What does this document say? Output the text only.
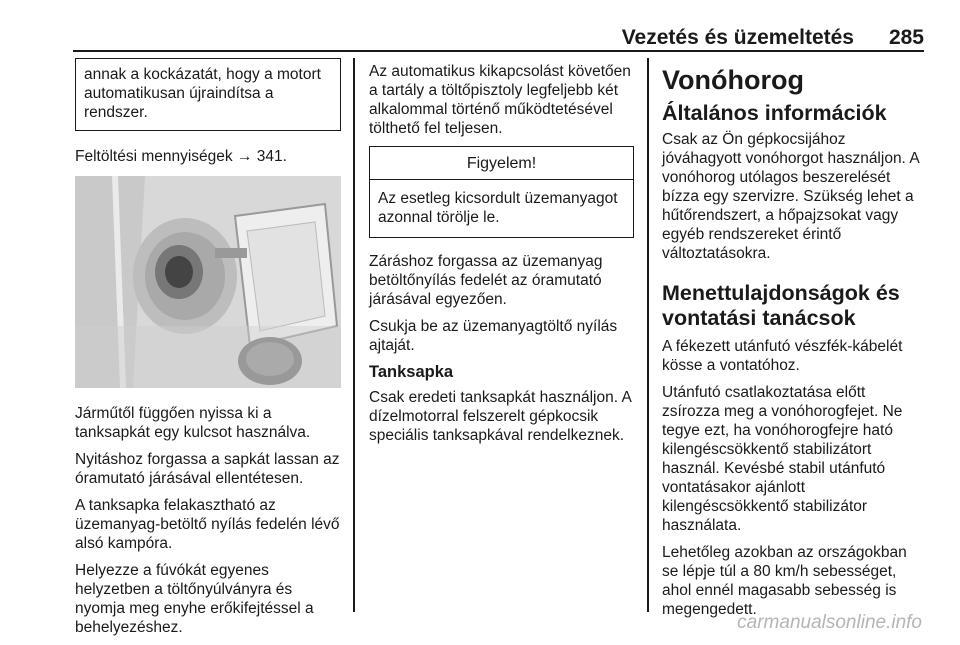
Vezetés és üzemeltetés 285
annak a kockázatát, hogy a motort automatikusan újraindítsa a rendszer.

Feltöltési mennyiségek → 341.

Járműtől függően nyissa ki a tanksapkát egy kulcsot használva.

Nyitáshoz forgassa a sapkát lassan az óramutató járásával ellentétesen.

A tanksapka felakasztható az üzemanyag-betöltő nyílás fedelén lévő alsó kampóra.

Helyezze a fúvókát egyenes helyzetben a töltőnyúlványra és nyomja meg enyhe erőkifejtéssel a behelyezéshez.

Az automatikus kikapcsolást követően a tartály a töltőpisztoly legfeljebb két alkalommal történő működtetésével tölthető fel teljesen.

Figyelem!
Az esetleg kicsordult üzemanyagot azonnal törölje le.

Záráshoz forgassa az üzemanyag betöltőnyílás fedelét az óramutató járásával egyezően.

Csukja be az üzemanyagtöltő nyílás ajtaját.

Tanksapka

Csak eredeti tanksapkát használjon. A dízelmotorral felszerelt gépkocsik speciális tanksapkával rendelkeznek.

Vonóhorog
Általános információk

Csak az Ön gépkocsijához jóváhagyott vonóhorgot használjon. A vonóhorog utólagos beszerelését bízza egy szervizre. Szükség lehet a hűtőrendszert, a hőpajzsokat vagy egyéb rendszereket érintő változtatásokra.

Menettulajdonságok és vontatási tanácsok

A fékezett utánfutó vészfék-kábelét kösse a vontatóhoz.

Utánfutó csatlakoztatása előtt zsírozza meg a vonóhorogfejet. Ne tegye ezt, ha vonóhorogfejre ható kilengéscsökkentő stabilizátort használ. Kevésbé stabil utánfutó vontatásakor ajánlott kilengéscsökkentő stabilizátor használata.

Lehetőleg azokban az országokban se lépje túl a 80 km/h sebességet, ahol ennél magasabb sebesség is megengedett.

carmanualsonline.info
